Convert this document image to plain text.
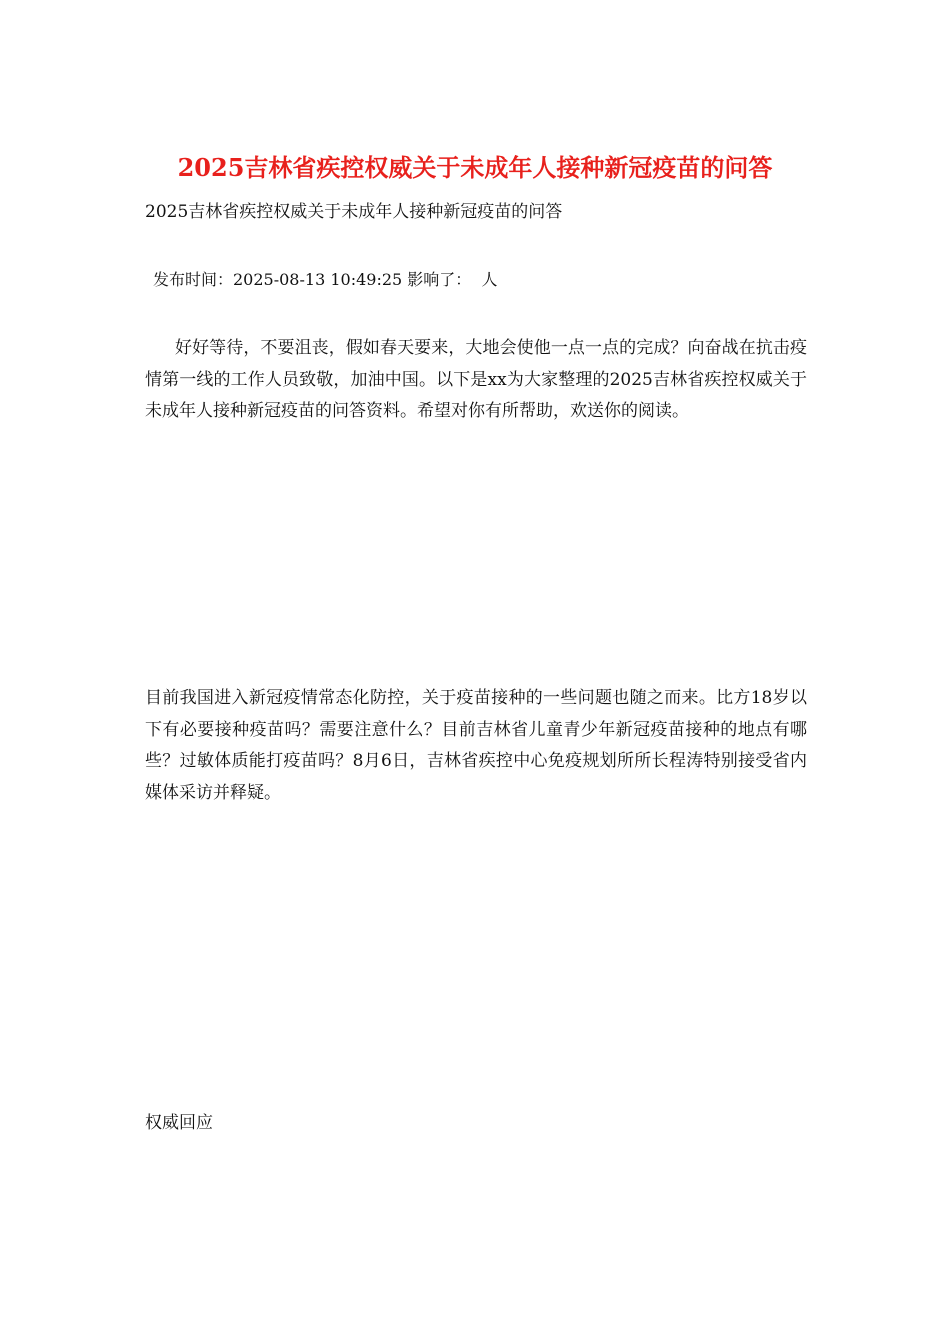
2025吉林省疾控权威关于未成年人接种新冠疫苗的问答

2025吉林省疾控权威关于未成年人接种新冠疫苗的问答

发布时间：2025-08-13 10:49:25 影响了：  人

好好等待，不要沮丧，假如春天要来，大地会使他一点一点的完成？向奋战在抗击疫情第一线的工作人员致敬，加油中国。以下是xx为大家整理的2025吉林省疾控权威关于未成年人接种新冠疫苗的问答资料。希望对你有所帮助，欢送你的阅读。

目前我国进入新冠疫情常态化防控，关于疫苗接种的一些问题也随之而来。比方18岁以下有必要接种疫苗吗？需要注意什么？目前吉林省儿童青少年新冠疫苗接种的地点有哪些？过敏体质能打疫苗吗？8月6日，吉林省疾控中心免疫规划所所长程涛特别接受省内媒体采访并释疑。

权威回应
